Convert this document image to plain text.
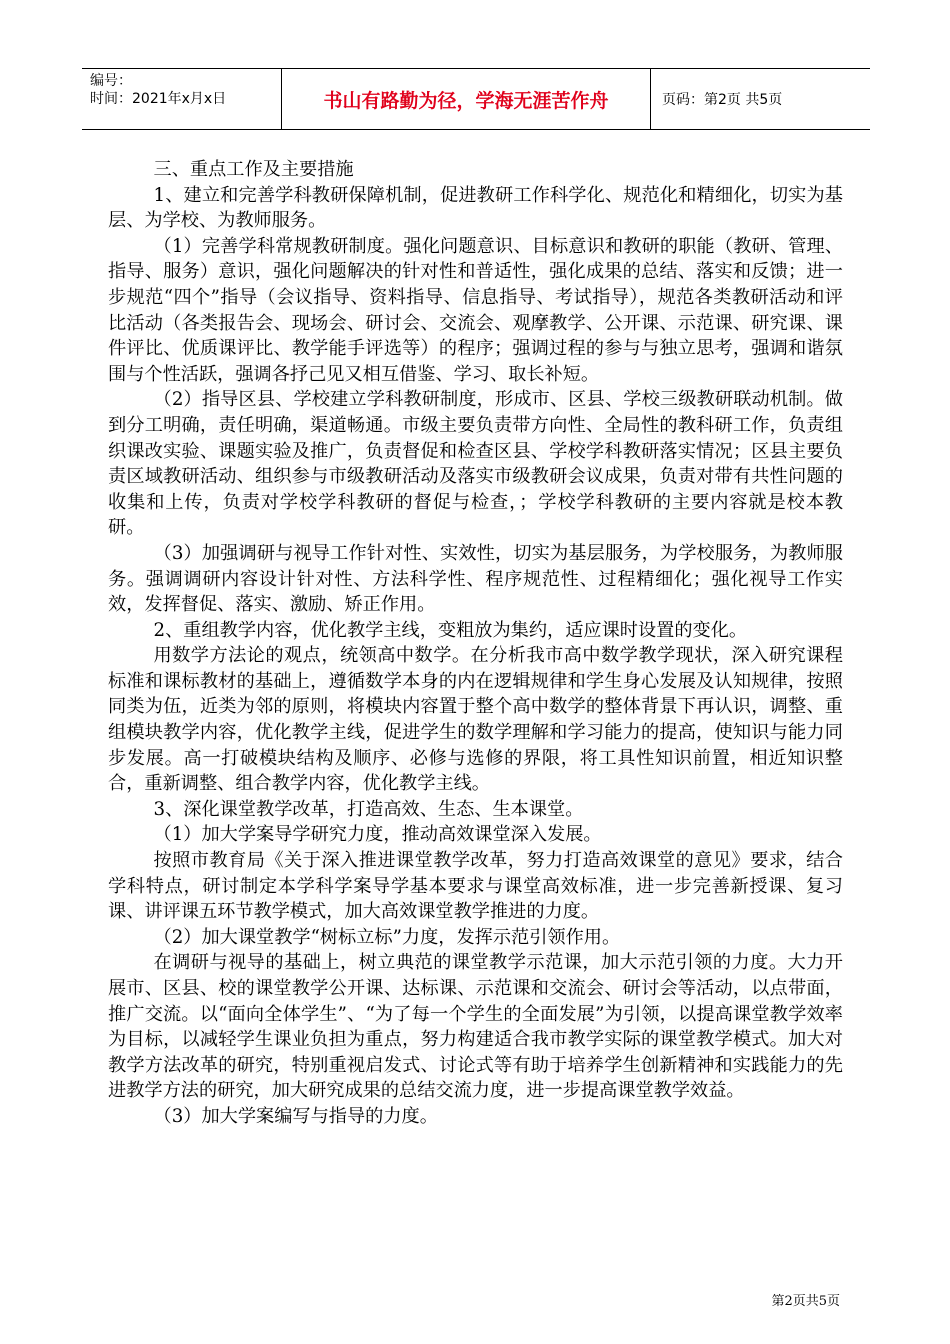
编号：
时间：2021年x月x日	书山有路勤为径，学海无涯苦作舟	页码：第2页 共5页

三、重点工作及主要措施

1、建立和完善学科教研保障机制，促进教研工作科学化、规范化和精细化，切实为基层、为学校、为教师服务。

（1）完善学科常规教研制度。强化问题意识、目标意识和教研的职能（教研、管理、指导、服务）意识，强化问题解决的针对性和普适性，强化成果的总结、落实和反馈；进一步规范“四个”指导（会议指导、资料指导、信息指导、考试指导），规范各类教研活动和评比活动（各类报告会、现场会、研讨会、交流会、观摩教学、公开课、示范课、研究课、课件评比、优质课评比、教学能手评选等）的程序；强调过程的参与与独立思考，强调和谐氛围与个性活跃，强调各抒己见又相互借鉴、学习、取长补短。

（2）指导区县、学校建立学科教研制度，形成市、区县、学校三级教研联动机制。做到分工明确，责任明确，渠道畅通。市级主要负责带方向性、全局性的教科研工作，负责组织课改实验、课题实验及推广，负责督促和检查区县、学校学科教研落实情况；区县主要负责区域教研活动、组织参与市级教研活动及落实市级教研会议成果，负责对带有共性问题的收集和上传，负责对学校学科教研的督促与检查，；学校学科教研的主要内容就是校本教研。

（3）加强调研与视导工作针对性、实效性，切实为基层服务，为学校服务，为教师服务。强调调研内容设计针对性、方法科学性、程序规范性、过程精细化；强化视导工作实效，发挥督促、落实、激励、矫正作用。

2、重组教学内容，优化教学主线，变粗放为集约，适应课时设置的变化。

用数学方法论的观点，统领高中数学。在分析我市高中数学教学现状，深入研究课程标准和课标教材的基础上，遵循数学本身的内在逻辑规律和学生身心发展及认知规律，按照同类为伍，近类为邻的原则，将模块内容置于整个高中数学的整体背景下再认识，调整、重组模块教学内容，优化教学主线，促进学生的数学理解和学习能力的提高，使知识与能力同步发展。高一打破模块结构及顺序、必修与选修的界限，将工具性知识前置，相近知识整合，重新调整、组合教学内容，优化教学主线。

3、深化课堂教学改革，打造高效、生态、生本课堂。

（1）加大学案导学研究力度，推动高效课堂深入发展。

按照市教育局《关于深入推进课堂教学改革，努力打造高效课堂的意见》要求，结合学科特点，研讨制定本学科学案导学基本要求与课堂高效标准，进一步完善新授课、复习课、讲评课五环节教学模式，加大高效课堂教学推进的力度。

（2）加大课堂教学“树标立标”力度，发挥示范引领作用。

在调研与视导的基础上，树立典范的课堂教学示范课，加大示范引领的力度。大力开展市、区县、校的课堂教学公开课、达标课、示范课和交流会、研讨会等活动，以点带面，推广交流。以“面向全体学生”、“为了每一个学生的全面发展”为引领，以提高课堂教学效率为目标，以减轻学生课业负担为重点，努力构建适合我市教学实际的课堂教学模式。加大对教学方法改革的研究，特别重视启发式、讨论式等有助于培养学生创新精神和实践能力的先进教学方法的研究，加大研究成果的总结交流力度，进一步提高课堂教学效益。

（3）加大学案编写与指导的力度。

第2页共5页
